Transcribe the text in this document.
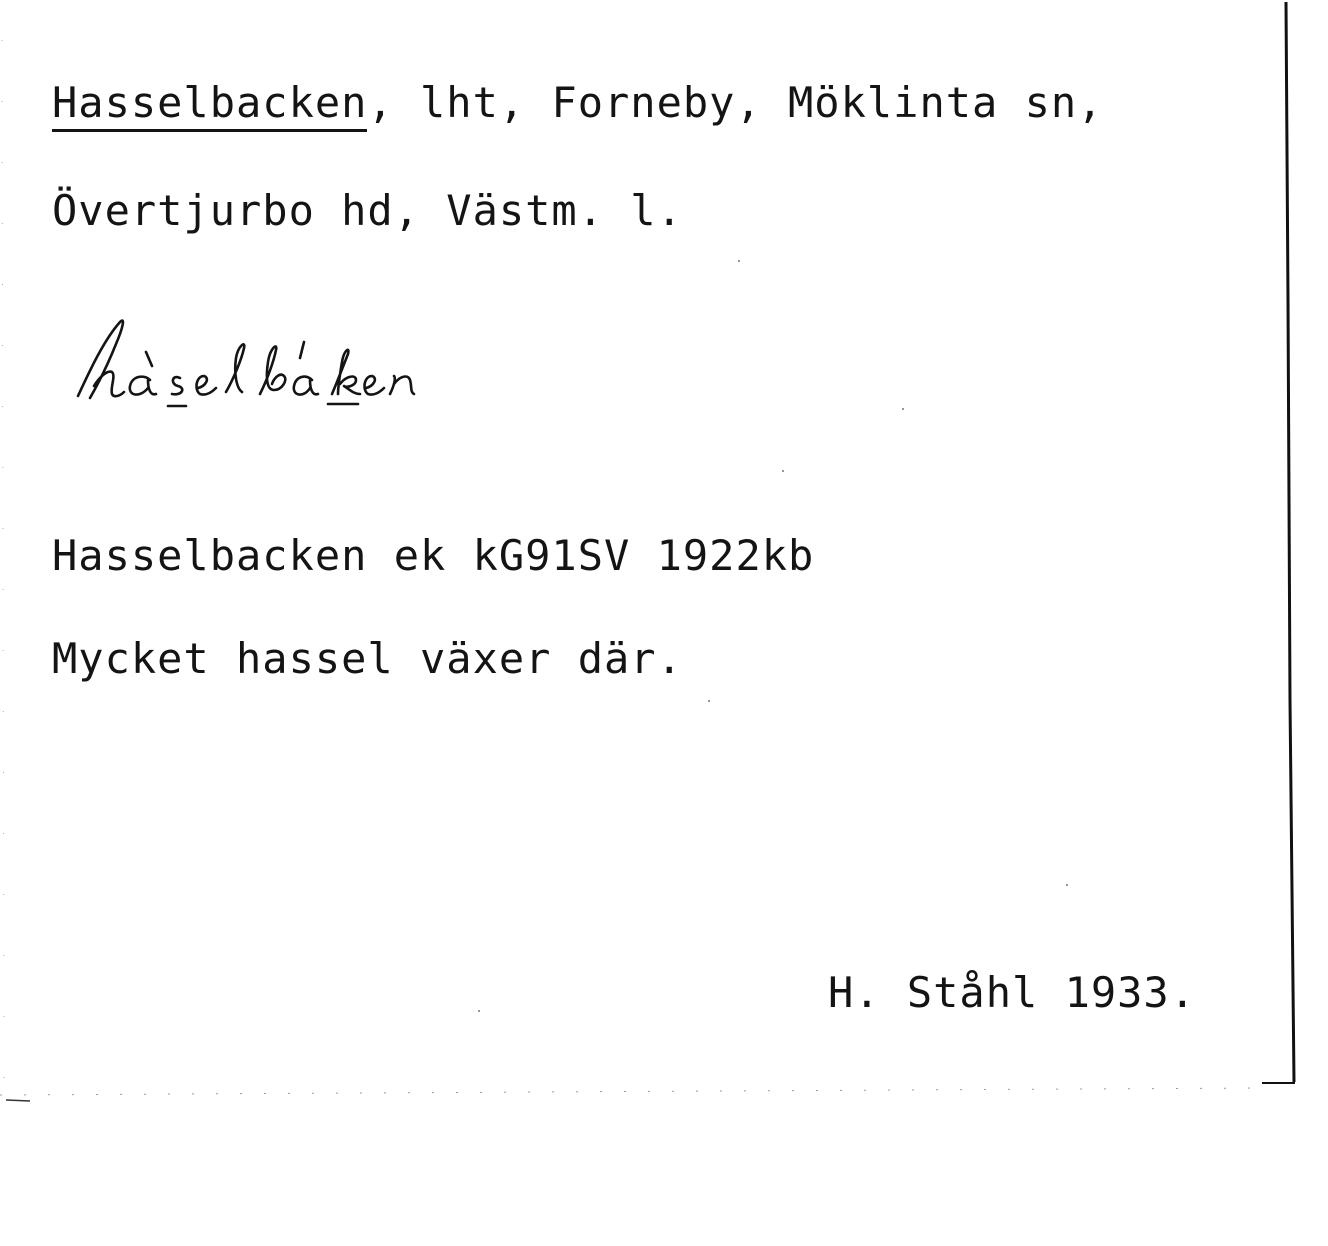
Hasselbacken, lht, Forneby, Möklinta sn,
Övertjurbo hd, Västm. l.
Hasselbacken ek kG91SV 1922kb
Mycket hassel växer där.
H. Ståhl 1933.
